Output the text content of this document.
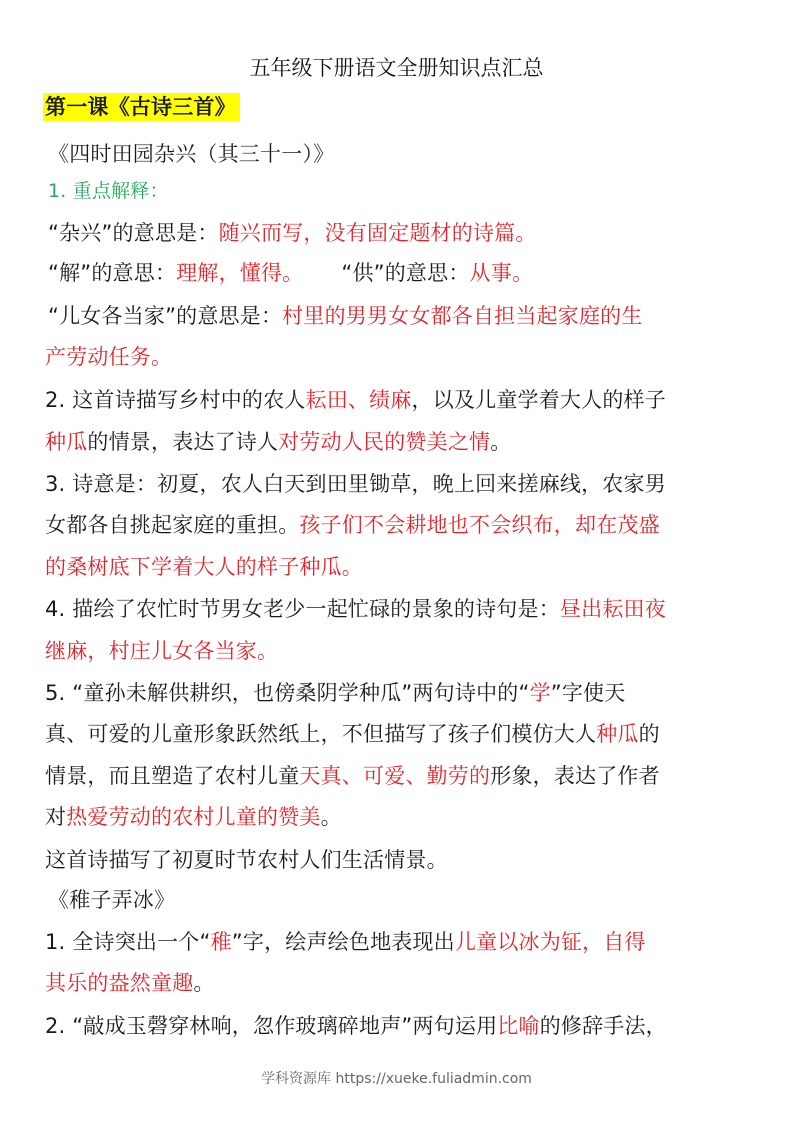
五年级下册语文全册知识点汇总
第一课《古诗三首》
《四时田园杂兴（其三十一）》
1. 重点解释：
“杂兴”的意思是：随兴而写，没有固定题材的诗篇。
“解”的意思：理解，懂得。 “供”的意思：从事。
“儿女各当家”的意思是：村里的男男女女都各自担当起家庭的生
产劳动任务。
2. 这首诗描写乡村中的农人耘田、绩麻，以及儿童学着大人的样子
种瓜的情景，表达了诗人对劳动人民的赞美之情。
3. 诗意是：初夏，农人白天到田里锄草，晚上回来搓麻线，农家男
女都各自挑起家庭的重担。孩子们不会耕地也不会织布，却在茂盛
的桑树底下学着大人的样子种瓜。
4. 描绘了农忙时节男女老少一起忙碌的景象的诗句是：昼出耘田夜
继麻，村庄儿女各当家。
5. “童孙未解供耕织，也傍桑阴学种瓜”两句诗中的“学”字使天
真、可爱的儿童形象跃然纸上，不但描写了孩子们模仿大人种瓜的
情景，而且塑造了农村儿童天真、可爱、勤劳的形象，表达了作者
对热爱劳动的农村儿童的赞美。
这首诗描写了初夏时节农村人们生活情景。
《稚子弄冰》
1. 全诗突出一个“稚”字，绘声绘色地表现出儿童以冰为钲，自得
其乐的盎然童趣。
2. “敲成玉磬穿林响，忽作玻璃碎地声”两句运用比喻的修辞手法，
学科资源库 https://xueke.fuliadmin.com
